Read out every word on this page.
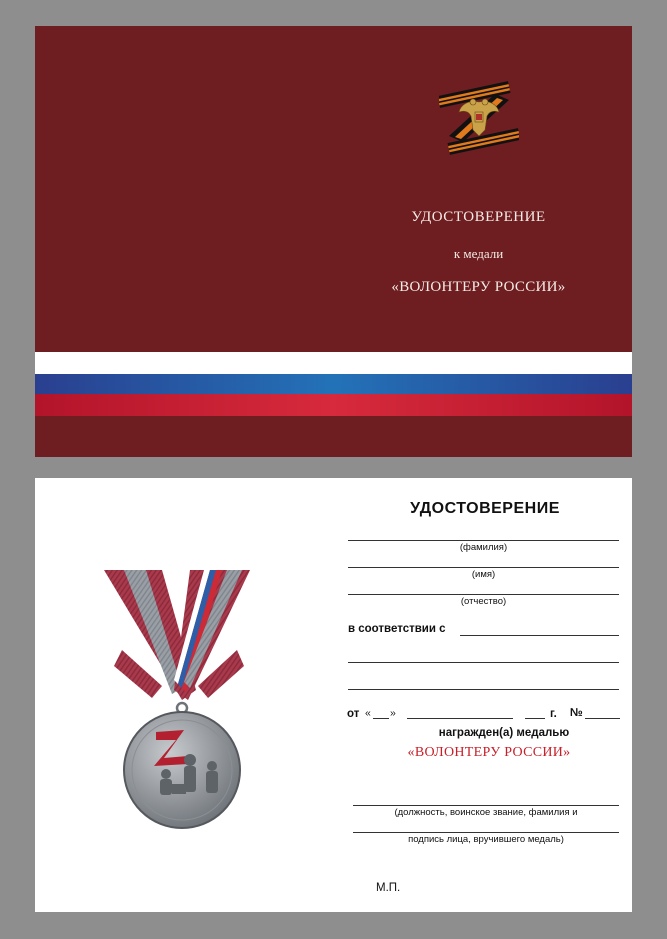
УДОСТОВЕРЕНИЕ
к медали
«ВОЛОНТЕРУ РОССИИ»
УДОСТОВЕРЕНИЕ
(фамилия)
(имя)
(отчество)
в соответствии с
от « »	г. №
награжден(а) медалью
«ВОЛОНТЕРУ РОССИИ»
(должность, воинское звание, фамилия и
подпись лица, вручившего медаль)
М.П.
